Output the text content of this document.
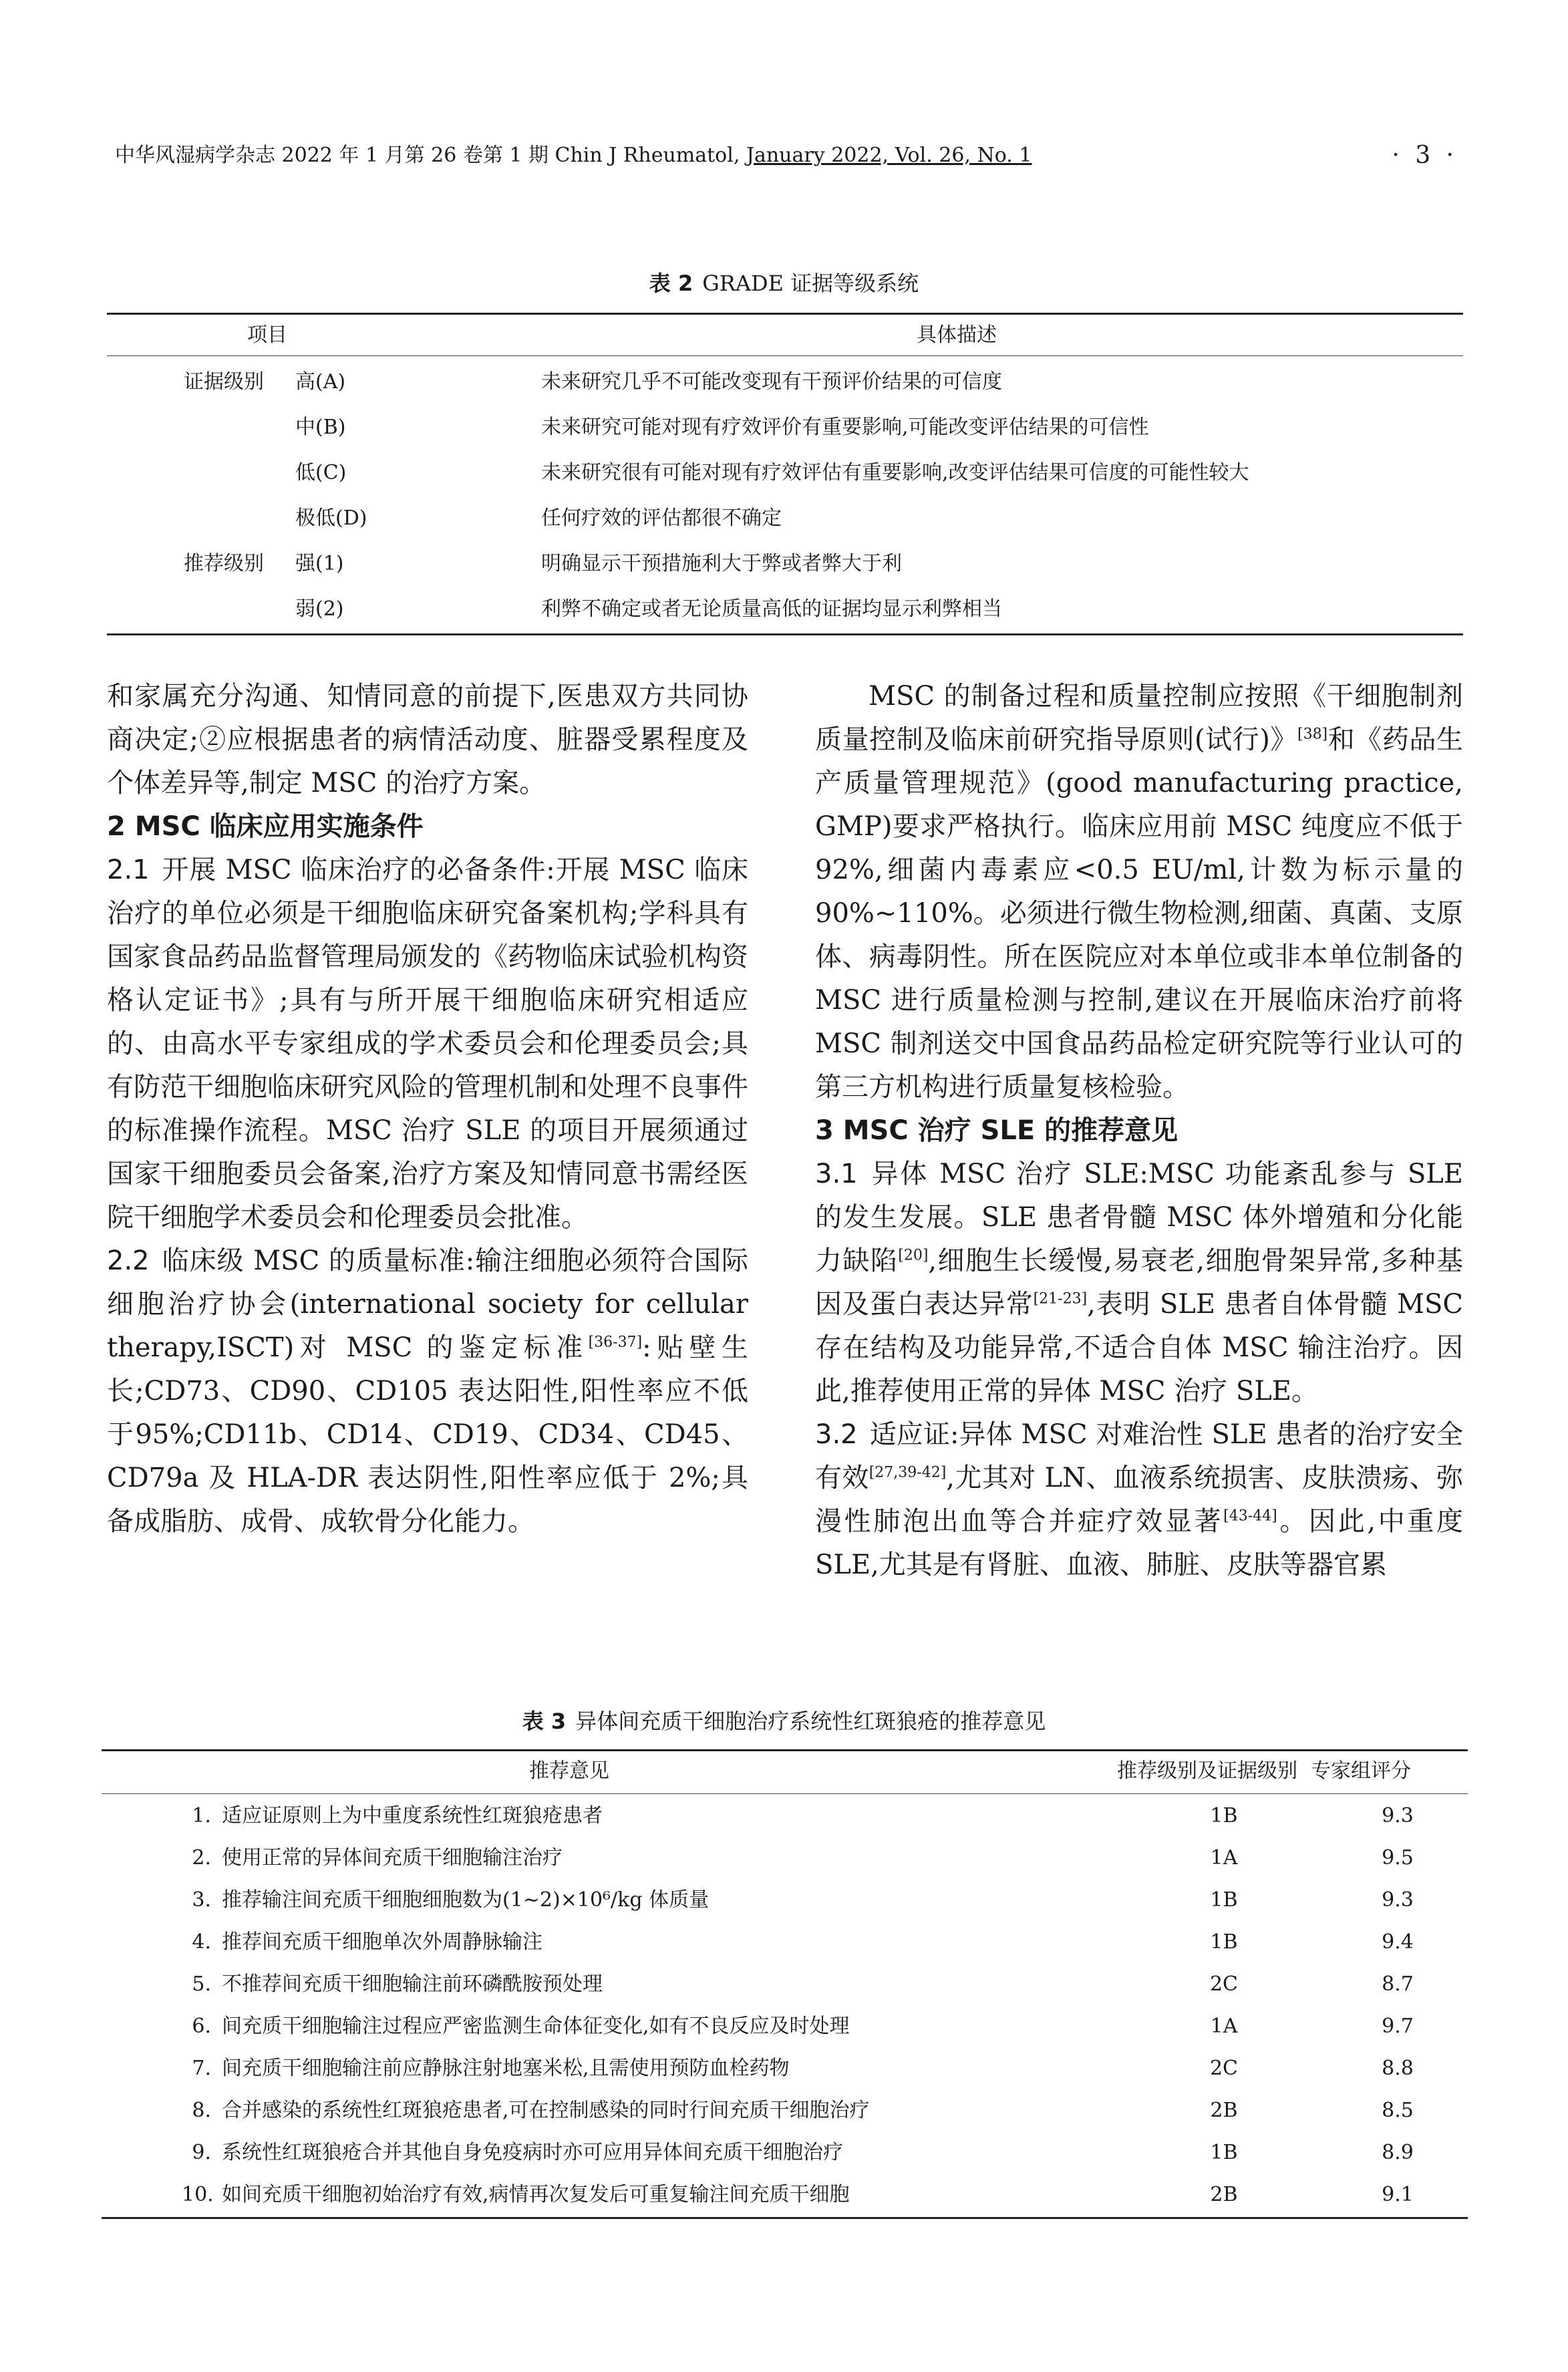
中华风湿病学杂志 2022 年 1 月第 26 卷第 1 期 Chin J Rheumatol, January 2022, Vol. 26, No. 1	· 3 ·
表 2 GRADE 证据等级系统
项目	具体描述
证据级别 高(A)	未来研究几乎不可能改变现有干预评价结果的可信度
中(B)	未来研究可能对现有疗效评价有重要影响,可能改变评估结果的可信性
低(C)	未来研究很有可能对现有疗效评估有重要影响,改变评估结果可信度的可能性较大
极低(D)	任何疗效的评估都很不确定
推荐级别 强(1)	明确显示干预措施利大于弊或者弊大于利
弱(2)	利弊不确定或者无论质量高低的证据均显示利弊相当

和家属充分沟通、知情同意的前提下,医患双方共同协商决定;②应根据患者的病情活动度、脏器受累程度及个体差异等,制定 MSC 的治疗方案。

2 MSC 临床应用实施条件

2.1 开展 MSC 临床治疗的必备条件:开展 MSC 临床治疗的单位必须是干细胞临床研究备案机构;学科具有国家食品药品监督管理局颁发的《药物临床试验机构资格认定证书》;具有与所开展干细胞临床研究相适应的、由高水平专家组成的学术委员会和伦理委员会;具有防范干细胞临床研究风险的管理机制和处理不良事件的标准操作流程。MSC 治疗 SLE 的项目开展须通过国家干细胞委员会备案,治疗方案及知情同意书需经医院干细胞学术委员会和伦理委员会批准。

2.2 临床级 MSC 的质量标准:输注细胞必须符合国际细胞治疗协会(international society for cellular therapy,ISCT)对 MSC 的鉴定标准[36-37]:贴壁生长;CD73、CD90、CD105 表达阳性,阳性率应不低于95%;CD11b、CD14、CD19、CD34、CD45、CD79a 及 HLA-DR 表达阴性,阳性率应低于 2%;具备成脂肪、成骨、成软骨分化能力。

MSC 的制备过程和质量控制应按照《干细胞制剂质量控制及临床前研究指导原则(试行)》[38]和《药品生产质量管理规范》(good manufacturing practice, GMP)要求严格执行。临床应用前 MSC 纯度应不低于 92%,细菌内毒素应<0.5 EU/ml,计数为标示量的 90%~110%。必须进行微生物检测,细菌、真菌、支原体、病毒阴性。所在医院应对本单位或非本单位制备的 MSC 进行质量检测与控制,建议在开展临床治疗前将 MSC 制剂送交中国食品药品检定研究院等行业认可的第三方机构进行质量复核检验。

3 MSC 治疗 SLE 的推荐意见

3.1 异体 MSC 治疗 SLE:MSC 功能紊乱参与 SLE 的发生发展。SLE 患者骨髓 MSC 体外增殖和分化能力缺陷[20],细胞生长缓慢,易衰老,细胞骨架异常,多种基因及蛋白表达异常[21-23],表明 SLE 患者自体骨髓 MSC 存在结构及功能异常,不适合自体 MSC 输注治疗。因此,推荐使用正常的异体 MSC 治疗 SLE。

3.2 适应证:异体 MSC 对难治性 SLE 患者的治疗安全有效[27,39-42],尤其对 LN、血液系统损害、皮肤溃疡、弥漫性肺泡出血等合并症疗效显著[43-44]。因此,中重度 SLE,尤其是有肾脏、血液、肺脏、皮肤等器官累

表 3 异体间充质干细胞治疗系统性红斑狼疮的推荐意见
推荐意见	推荐级别及证据级别 专家组评分
1. 适应证原则上为中重度系统性红斑狼疮患者	1B	9.3
2. 使用正常的异体间充质干细胞输注治疗	1A	9.5
3. 推荐输注间充质干细胞细胞数为(1~2)×10⁶/kg 体质量	1B	9.3
4. 推荐间充质干细胞单次外周静脉输注	1B	9.4
5. 不推荐间充质干细胞输注前环磷酰胺预处理	2C	8.7
6. 间充质干细胞输注过程应严密监测生命体征变化,如有不良反应及时处理	1A	9.7
7. 间充质干细胞输注前应静脉注射地塞米松,且需使用预防血栓药物	2C	8.8
8. 合并感染的系统性红斑狼疮患者,可在控制感染的同时行间充质干细胞治疗	2B	8.5
9. 系统性红斑狼疮合并其他自身免疫病时亦可应用异体间充质干细胞治疗	1B	8.9
10. 如间充质干细胞初始治疗有效,病情再次复发后可重复输注间充质干细胞	2B	9.1
